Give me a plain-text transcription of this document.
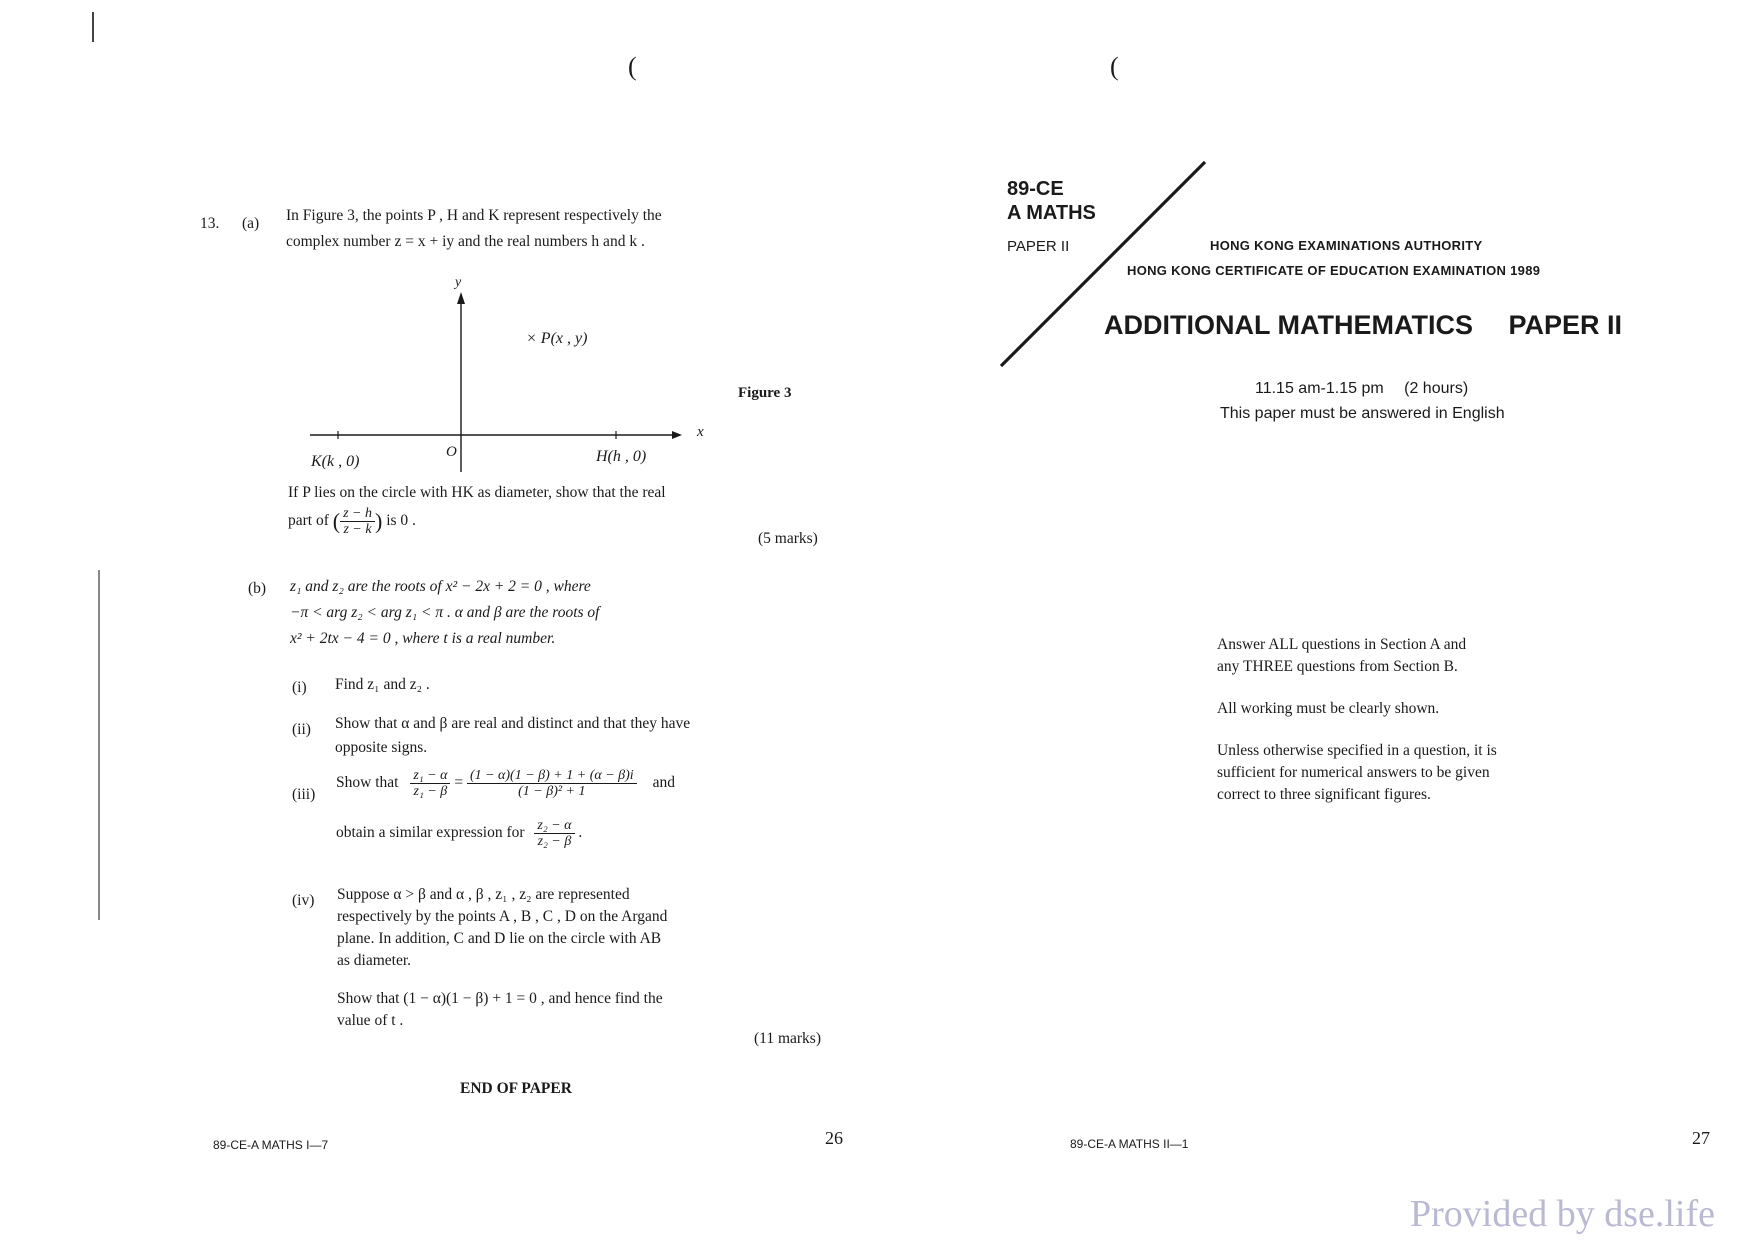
(	(
13. (a) In Figure 3, the points P , H and K represent respectively the
complex number z = x + iy and the real numbers h and k .
y
x
O
× P(x , y)
K(k , 0)	H(h , 0)
Figure 3
If P lies on the circle with HK as diameter, show that the real
part of ( $\frac{z - h}{z - k}$ ) is 0 .
(5 marks)
(b) z₁ and z₂ are the roots of x² − 2x + 2 = 0 , where
−π < arg z₂ < arg z₁ < π . α and β are the roots of
x² + 2tx − 4 = 0 , where t is a real number.
(i) Find z₁ and z₂ .
(ii) Show that α and β are real and distinct and that they have
opposite signs.
(iii)
Show that $\frac{\text{z₁ − α}}{\text{z₁ − β}} = \frac{(1 - \alpha)(1 - \beta) + 1 + (\alpha - \beta)i}{\text{(1 − β)² + 1}}$ and
obtain a similar expression for $\frac{\text{z₂ − α}}{\text{z₂ − β}}$ .
(iv) Suppose α > β and α , β , z₁ , z₂ are represented
respectively by the points A , B , C , D on the Argand
plane. In addition, C and D lie on the circle with AB
as diameter.
Show that (1 − α)(1 − β) + 1 = 0 , and hence find the
value of t .
(11 marks)
END OF PAPER
89-CE-A MATHS I—7	26
89-CE
A MATHS
PAPER II	HONG KONG EXAMINATIONS AUTHORITY
HONG KONG CERTIFICATE OF EDUCATION EXAMINATION 1989
ADDITIONAL MATHEMATICS PAPER II
11.15 am-1.15 pm (2 hours)
This paper must be answered in English
Answer ALL questions in Section A and
any THREE questions from Section B.
All working must be clearly shown.
Unless otherwise specified in a question, it is
sufficient for numerical answers to be given
correct to three significant figures.
89-CE-A MATHS II—1	27
Provided by dse.life
